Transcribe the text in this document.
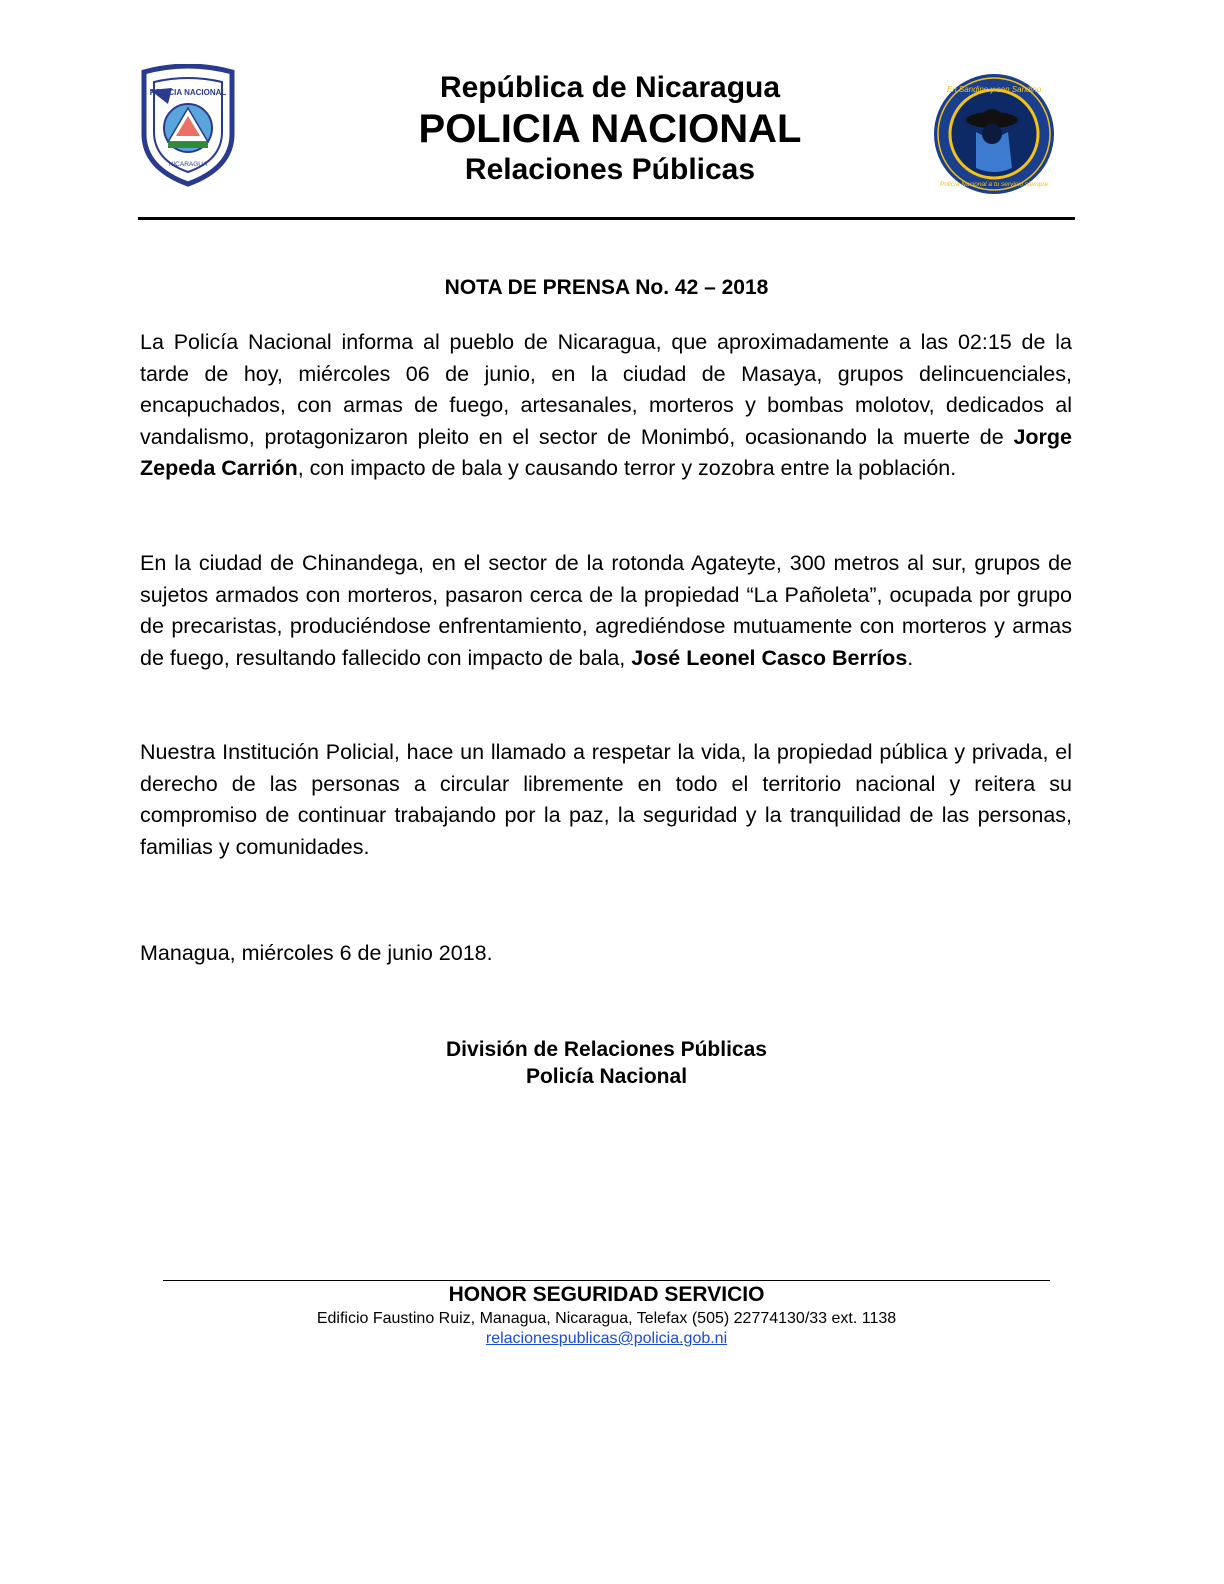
POLICIA NACIONAL
NICARAGUA
En Sandino y con Sandino
Policía Nacional a tu servicio siempre
República de Nicaragua
POLICIA NACIONAL
Relaciones Públicas
NOTA DE PRENSA No. 42 – 2018

La Policía Nacional informa al pueblo de Nicaragua, que aproximadamente a las 02:15 de la tarde de hoy, miércoles 06 de junio, en la ciudad de Masaya, grupos delincuenciales, encapuchados, con armas de fuego, artesanales, morteros y bombas molotov, dedicados al vandalismo, protagonizaron pleito en el sector de Monimbó, ocasionando la muerte de Jorge Zepeda Carrión, con impacto de bala y causando terror y zozobra entre la población.

En la ciudad de Chinandega, en el sector de la rotonda Agateyte, 300 metros al sur, grupos de sujetos armados con morteros, pasaron cerca de la propiedad “La Pañoleta”, ocupada por grupo de precaristas, produciéndose enfrentamiento, agrediéndose mutuamente con morteros y armas de fuego, resultando fallecido con impacto de bala, José Leonel Casco Berríos.

Nuestra Institución Policial, hace un llamado a respetar la vida, la propiedad pública y privada, el derecho de las personas a circular libremente en todo el territorio nacional y reitera su compromiso de continuar trabajando por la paz, la seguridad y la tranquilidad de las personas, familias y comunidades.

Managua, miércoles 6 de junio 2018.
División de Relaciones Públicas
Policía Nacional
HONOR SEGURIDAD SERVICIO
Edificio Faustino Ruiz, Managua, Nicaragua, Telefax (505) 22774130/33 ext. 1138
relacionespublicas@policia.gob.ni
